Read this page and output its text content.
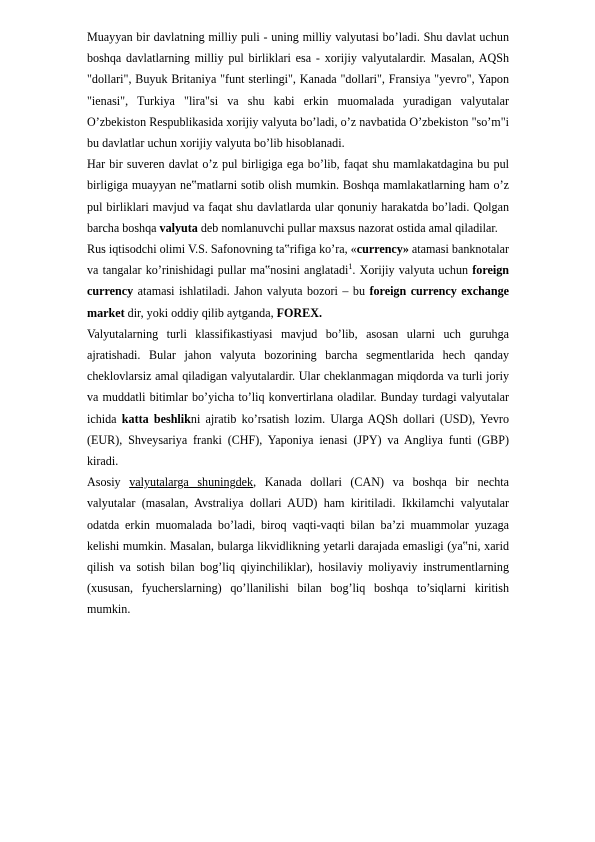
Muayyan bir davlatning milliy puli - uning milliy valyutasi bo’ladi. Shu davlat uchun boshqa davlatlarning milliy pul birliklari esa - xorijiy valyutalardir. Masalan, AQSh "dollari", Buyuk Britaniya "funt sterlingi", Kanada "dollari", Fransiya "yevro", Yapon "ienasi", Turkiya "lira"si va shu kabi erkin muomalada yuradigan valyutalar O’zbekiston Respublikasida xorijiy valyuta bo’ladi, o’z navbatida O’zbekiston "so’m"i bu davlatlar uchun xorijiy valyuta bo’lib hisoblanadi.

Har bir suveren davlat o’z pul birligiga ega bo’lib, faqat shu mamlakatdagina bu pul birligiga muayyan ne‟matlarni sotib olish mumkin. Boshqa mamlakatlarning ham o’z pul birliklari mavjud va faqat shu davlatlarda ular qonuniy harakatda bo’ladi. Qolgan barcha boshqa valyuta deb nomlanuvchi pullar maxsus nazorat ostida amal qiladilar.

Rus iqtisodchi olimi V.S. Safonovning ta‟rifiga ko’ra, «currency» atamasi banknotalar va tangalar ko’rinishidagi pullar ma‟nosini anglatadi$^1$. Xorijiy valyuta uchun foreign currency atamasi ishlatiladi. Jahon valyuta bozori – bu foreign currency exchange market dir, yoki oddiy qilib aytganda, FOREX.

Valyutalarning turli klassifikastiyasi mavjud bo’lib, asosan ularni uch guruhga ajratishadi. Bular jahon valyuta bozorining barcha segmentlarida hech qanday cheklovlarsiz amal qiladigan valyutalardir. Ular cheklanmagan miqdorda va turli joriy va muddatli bitimlar bo’yicha to’liq konvertirlana oladilar. Bunday turdagi valyutalar ichida katta beshlikni ajratib ko’rsatish lozim. Ularga AQSh dollari (USD), Yevro (EUR), Shveysariya franki (CHF), Yaponiya ienasi (JPY) va Angliya funti (GBP) kiradi.

Asosiy valyutalarga shuningdek, Kanada dollari (CAN) va boshqa bir nechta valyutalar (masalan, Avstraliya dollari AUD) ham kiritiladi. Ikkilamchi valyutalar odatda erkin muomalada bo’ladi, biroq vaqti-vaqti bilan ba’zi muammolar yuzaga kelishi mumkin. Masalan, bularga likvidlikning yetarli darajada emasligi (ya‟ni, xarid qilish va sotish bilan bog’liq qiyinchiliklar), hosilaviy moliyaviy instrumentlarning (xususan, fyucherslarning) qo’llanilishi bilan bog’liq boshqa to’siqlarni kiritish mumkin.
